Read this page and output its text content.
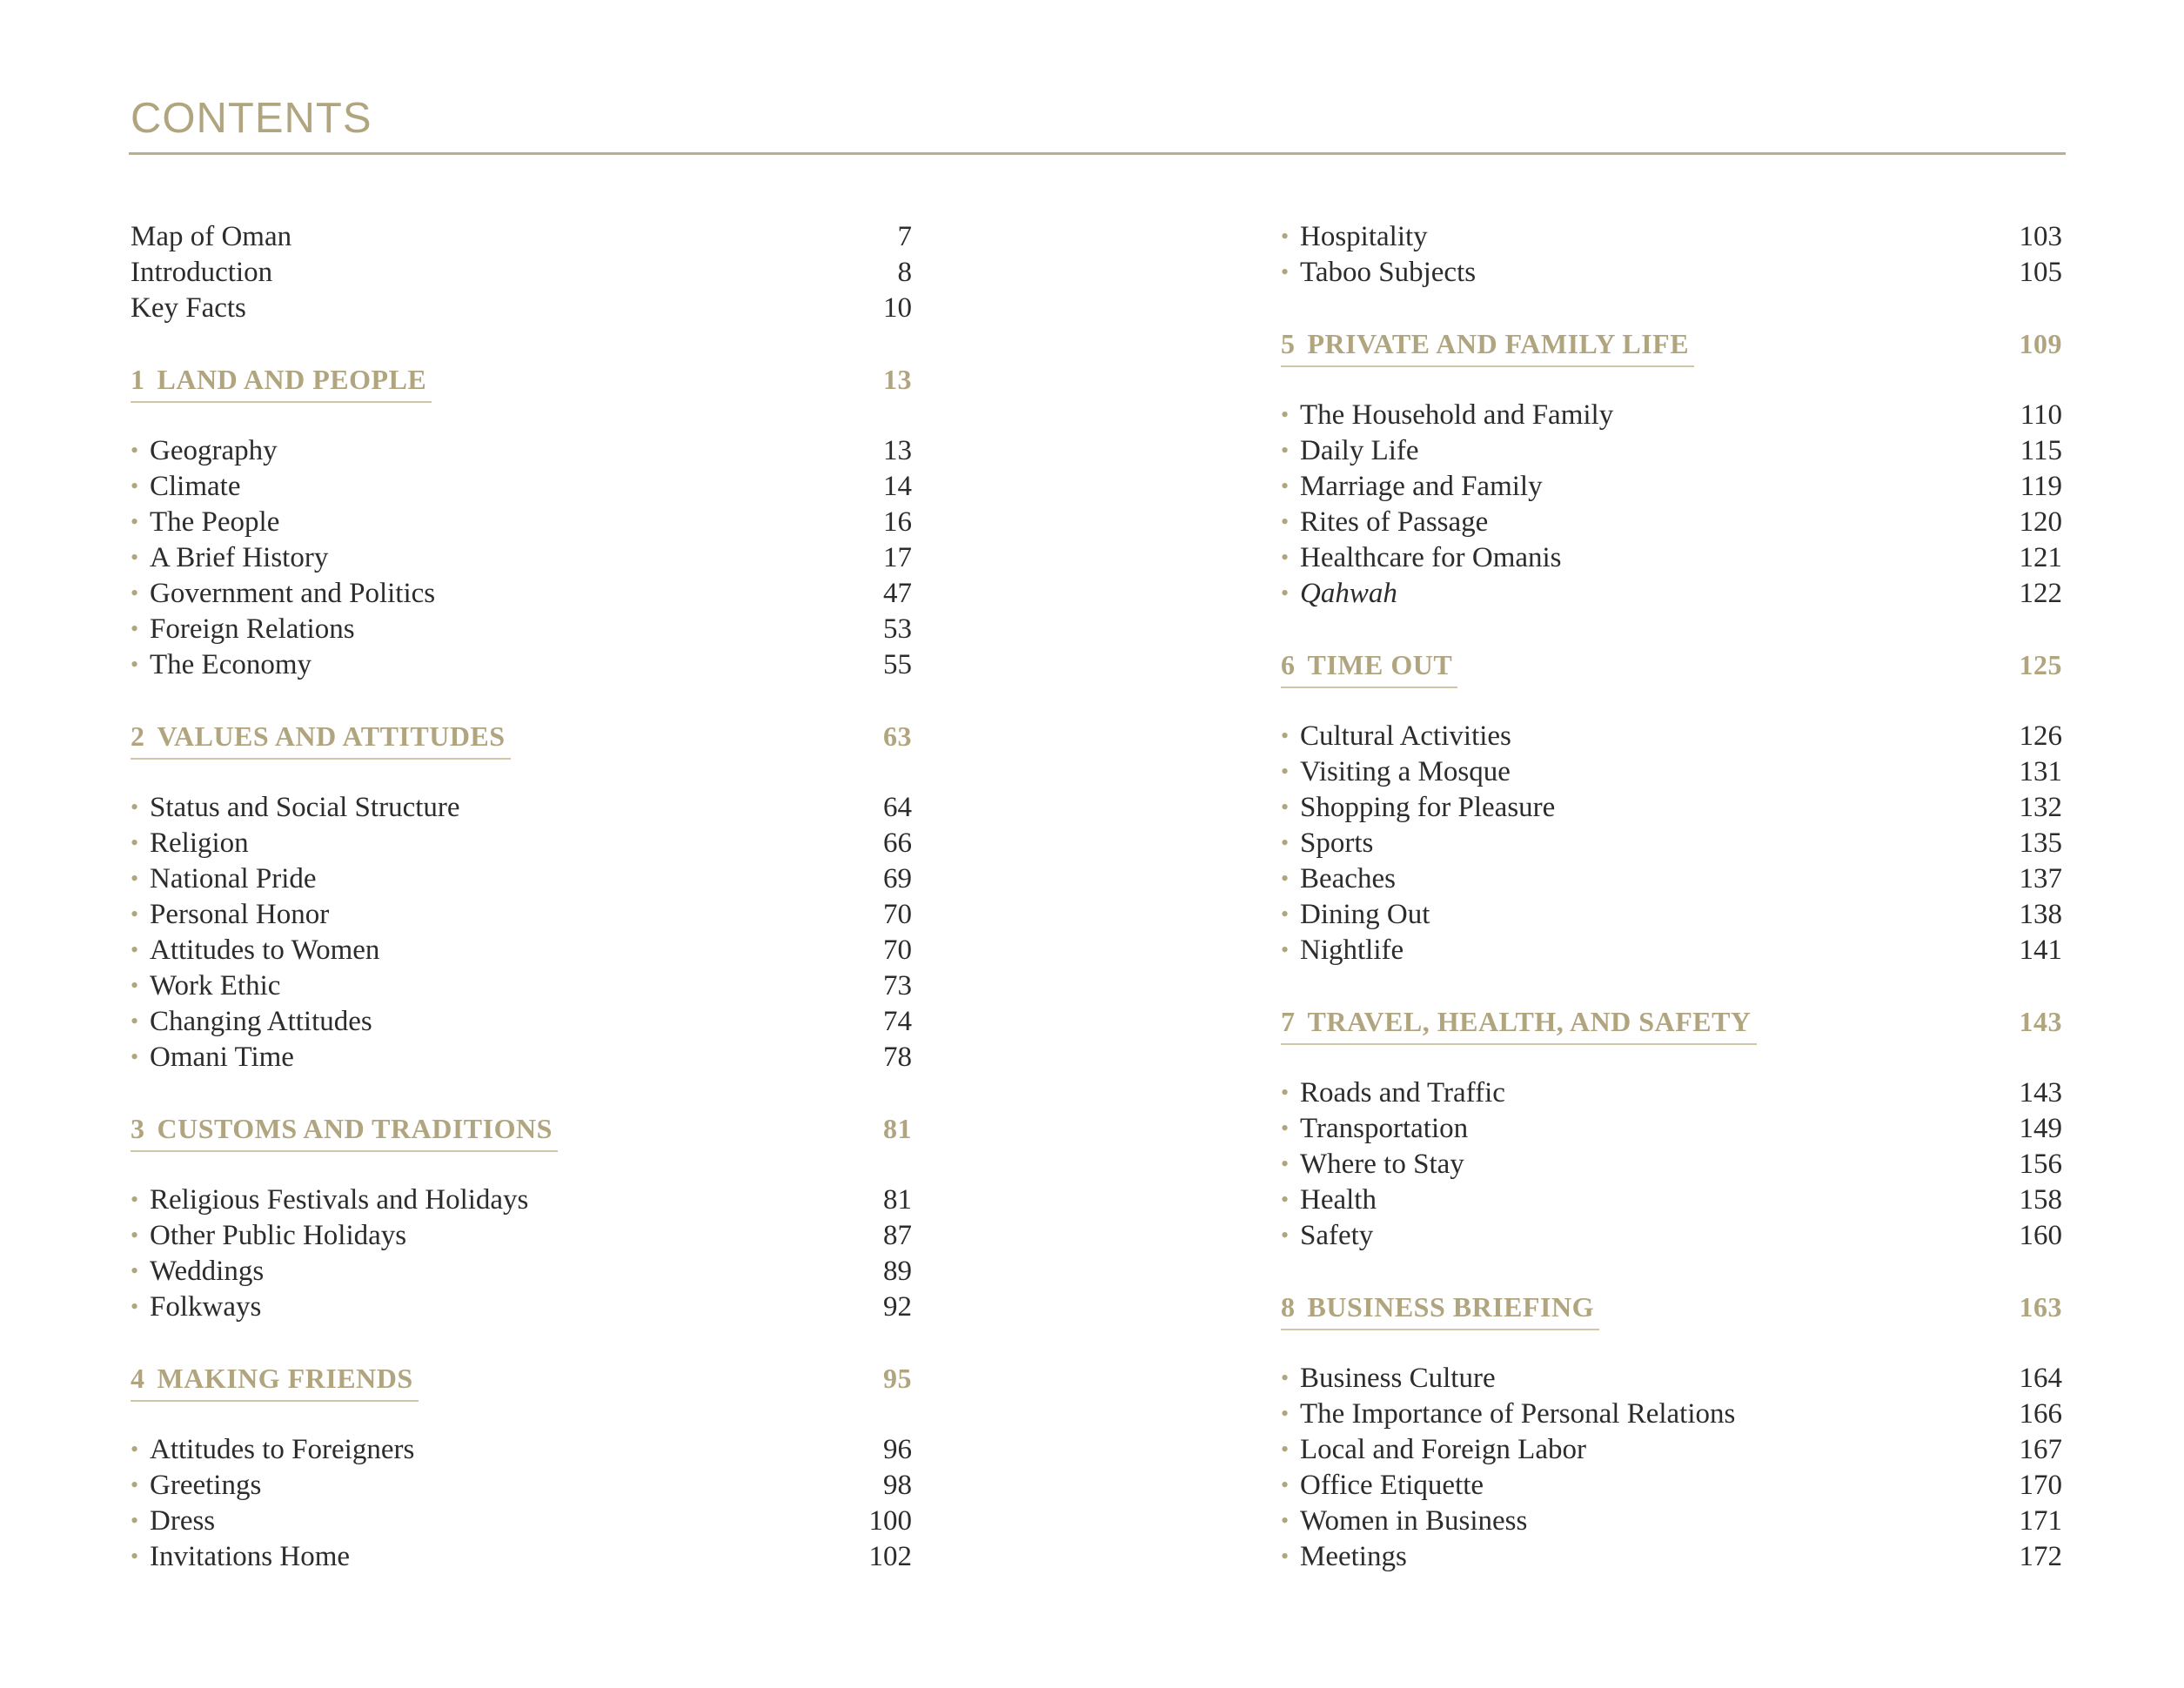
CONTENTS
Map of Oman	7
Introduction	8
Key Facts	10
1 LAND AND PEOPLE	13
• Geography	13
• Climate	14
• The People	16
• A Brief History	17
• Government and Politics	47
• Foreign Relations	53
• The Economy	55
2 VALUES AND ATTITUDES	63
• Status and Social Structure	64
• Religion	66
• National Pride	69
• Personal Honor	70
• Attitudes to Women	70
• Work Ethic	73
• Changing Attitudes	74
• Omani Time	78
3 CUSTOMS AND TRADITIONS	81
• Religious Festivals and Holidays	81
• Other Public Holidays	87
• Weddings	89
• Folkways	92
4 MAKING FRIENDS	95
• Attitudes to Foreigners	96
• Greetings	98
• Dress	100
• Invitations Home	102
• Hospitality	103
• Taboo Subjects	105
5 PRIVATE AND FAMILY LIFE	109
• The Household and Family	110
• Daily Life	115
• Marriage and Family	119
• Rites of Passage	120
• Healthcare for Omanis	121
• Qahwah	122
6 TIME OUT	125
• Cultural Activities	126
• Visiting a Mosque	131
• Shopping for Pleasure	132
• Sports	135
• Beaches	137
• Dining Out	138
• Nightlife	141
7 TRAVEL, HEALTH, AND SAFETY	143
• Roads and Traffic	143
• Transportation	149
• Where to Stay	156
• Health	158
• Safety	160
8 BUSINESS BRIEFING	163
• Business Culture	164
• The Importance of Personal Relations	166
• Local and Foreign Labor	167
• Office Etiquette	170
• Women in Business	171
• Meetings	172
